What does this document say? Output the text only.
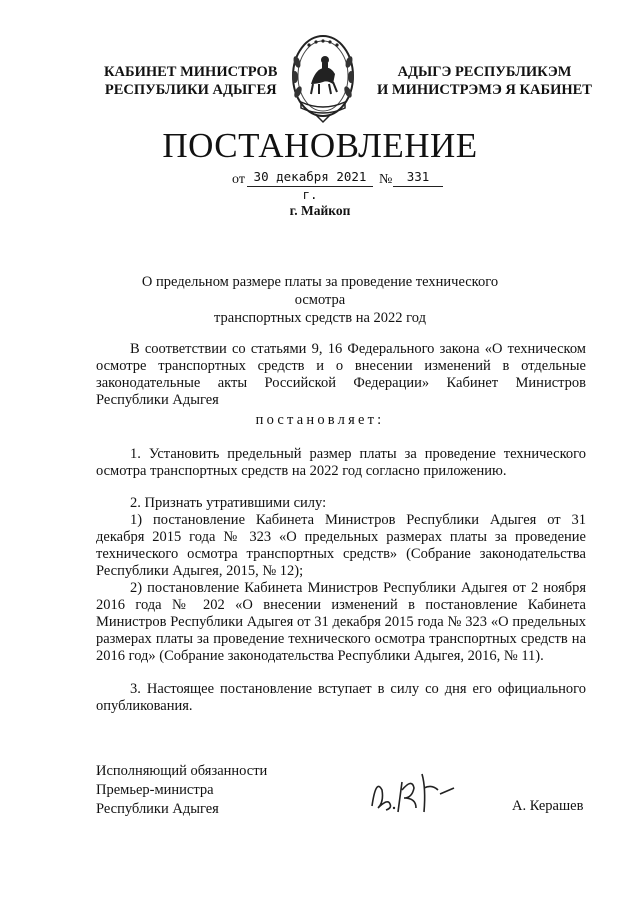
КАБИНЕТ МИНИСТРОВ
РЕСПУБЛИКИ АДЫГЕЯ
АДЫГЭ РЕСПУБЛИКЭМ
И МИНИСТРЭМЭ Я КАБИНЕТ
ПОСТАНОВЛЕНИЕ
от 30 декабря 2021 г.
№	331
г. Майкоп
О предельном размере платы за проведение технического осмотра
транспортных средств на 2022 год

В соответствии со статьями 9, 16 Федерального закона «О техническом осмотре транспортных средств и о внесении изменений в отдельные законодательные акты Российской Федерации» Кабинет Министров Республики Адыгея

постановляет:

1. Установить предельный размер платы за проведение технического осмотра транспортных средств на 2022 год согласно приложению.

2. Признать утратившими силу:

1) постановление Кабинета Министров Республики Адыгея от 31 декабря 2015 года № 323 «О предельных размерах платы за проведение технического осмотра транспортных средств» (Собрание законодательства Республики Адыгея, 2015, № 12);

2) постановление Кабинета Министров Республики Адыгея от 2 ноября 2016 года № 202 «О внесении изменений в постановление Кабинета Министров Республики Адыгея от 31 декабря 2015 года № 323 «О предельных размерах платы за проведение технического осмотра транспортных средств на 2016 год» (Собрание законодательства Республики Адыгея, 2016, № 11).

3. Настоящее постановление вступает в силу со дня его официального опубликования.

Исполняющий обязанности
Премьер-министра
Республики Адыгея	А. Керашев
